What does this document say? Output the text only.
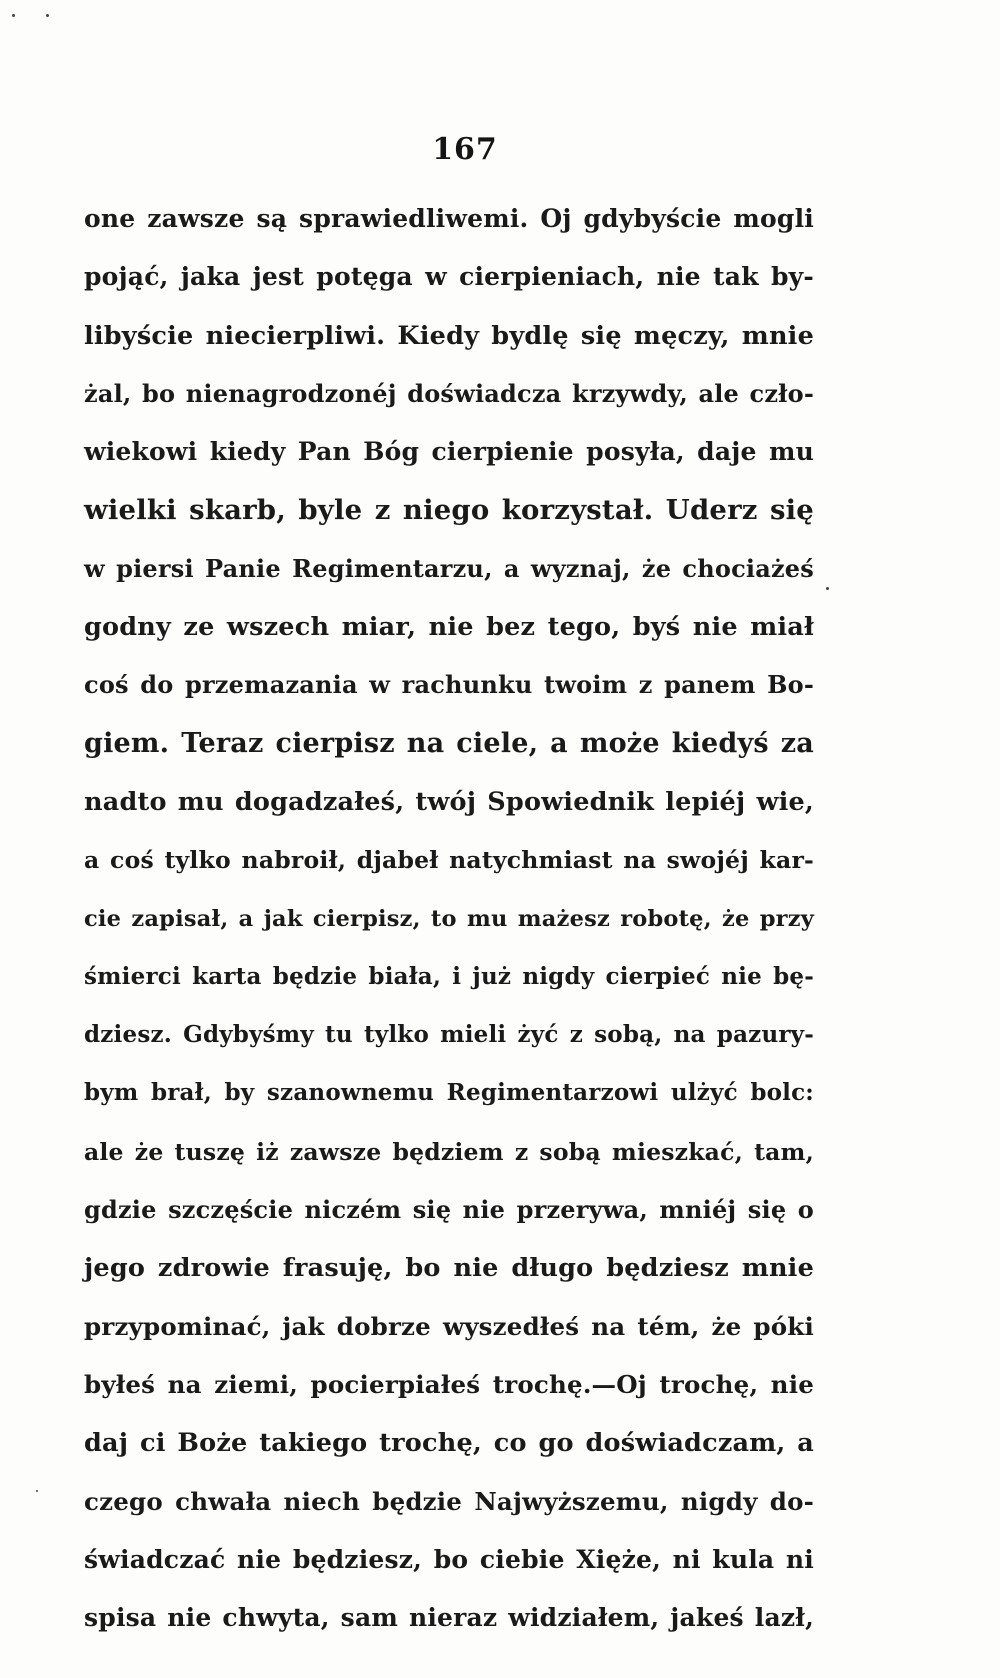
167
one zawsze są sprawiedliwemi. Oj gdybyście mogli
pojąć, jaka jest potęga w cierpieniach, nie tak by-
libyście niecierpliwi. Kiedy bydlę się męczy, mnie
żal, bo nienagrodzonéj doświadcza krzywdy, ale czło-
wiekowi kiedy Pan Bóg cierpienie posyła, daje mu
wielki skarb, byle z niego korzystał. Uderz się
w piersi Panie Regimentarzu, a wyznaj, że chociażeś
godny ze wszech miar, nie bez tego, byś nie miał
coś do przemazania w rachunku twoim z panem Bo-
giem. Teraz cierpisz na ciele, a może kiedyś za
nadto mu dogadzałeś, twój Spowiednik lepiéj wie,
a coś tylko nabroił, djabeł natychmiast na swojéj kar-
cie zapisał, a jak cierpisz, to mu mażesz robotę, że przy
śmierci karta będzie biała, i już nigdy cierpieć nie bę-
dziesz. Gdybyśmy tu tylko mieli żyć z sobą, na pazury-
bym brał, by szanownemu Regimentarzowi ulżyć bolc:
ale że tuszę iż zawsze będziem z sobą mieszkać, tam,
gdzie szczęście niczém się nie przerywa, mniéj się o
jego zdrowie frasuję, bo nie długo będziesz mnie
przypominać, jak dobrze wyszedłeś na tém, że póki
byłeś na ziemi, pocierpiałeś trochę.—Oj trochę, nie
daj ci Boże takiego trochę, co go doświadczam, a
czego chwała niech będzie Najwyższemu, nigdy do-
świadczać nie będziesz, bo ciebie Xięże, ni kula ni
spisa nie chwyta, sam nieraz widziałem, jakeś lazł,
